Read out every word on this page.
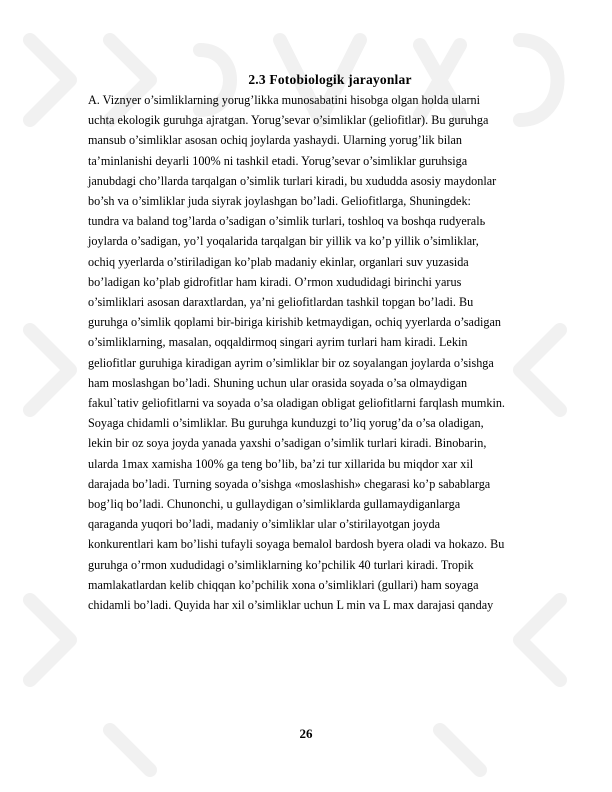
2.3 Fotobiologik jarayonlar

A. Viznyer o’simliklarning yorug’likka munosabatini hisobga olgan holda ularni
uchta ekologik guruhga ajratgan. Yorug’sevar o’simliklar (geliofitlar). Bu guruhga
mansub o’simliklar asosan ochiq joylarda yashaydi. Ularning yorug’lik bilan
ta’minlanishi deyarli 100% ni tashkil etadi. Yorug’sevar o’simliklar guruhsiga
janubdagi cho’llarda tarqalgan o’simlik turlari kiradi, bu xududda asosiy maydonlar
bo’sh va o’simliklar juda siyrak joylashgan bo’ladi. Geliofitlarga, Shuningdek:
tundra va baland tog’larda o’sadigan o’simlik turlari, toshloq va boshqa rudyeralь
joylarda o’sadigan, yo’l yoqalarida tarqalgan bir yillik va ko’p yillik o’simliklar,
ochiq yyerlarda o’stiriladigan ko’plab madaniy ekinlar, organlari suv yuzasida
bo’ladigan ko’plab gidrofitlar ham kiradi. O’rmon xududidagi birinchi yarus
o’simliklari asosan daraxtlardan, ya’ni geliofitlardan tashkil topgan bo’ladi. Bu
guruhga o’simlik qoplami bir-biriga kirishib ketmaydigan, ochiq yyerlarda o’sadigan
o’simliklarning, masalan, oqqaldirmoq singari ayrim turlari ham kiradi. Lekin
geliofitlar guruhiga kiradigan ayrim o’simliklar bir oz soyalangan joylarda o’sishga
ham moslashgan bo’ladi. Shuning uchun ular orasida soyada o’sa olmaydigan
fakul`tativ geliofitlarni va soyada o’sa oladigan obligat geliofitlarni farqlash mumkin.
Soyaga chidamli o’simliklar. Bu guruhga kunduzgi to’liq yorug’da o’sa oladigan,
lekin bir oz soya joyda yanada yaxshi o’sadigan o’simlik turlari kiradi. Binobarin,
ularda 1max xamisha 100% ga teng bo’lib, ba’zi tur xillarida bu miqdor xar xil
darajada bo’ladi. Turning soyada o’sishga «moslashish» chegarasi ko’p sabablarga
bog’liq bo’ladi. Chunonchi, u gullaydigan o’simliklarda gullamaydiganlarga
qaraganda yuqori bo’ladi, madaniy o’simliklar ular o’stirilayotgan joyda
konkurentlari kam bo’lishi tufayli soyaga bemalol bardosh byera oladi va hokazo. Bu
guruhga o’rmon xududidagi o’simliklarning ko’pchilik 40 turlari kiradi. Tropik
mamlakatlardan kelib chiqqan ko’pchilik xona o’simliklari (gullari) ham soyaga
chidamli bo’ladi. Quyida har xil o’simliklar uchun L min va L max darajasi qanday

26
